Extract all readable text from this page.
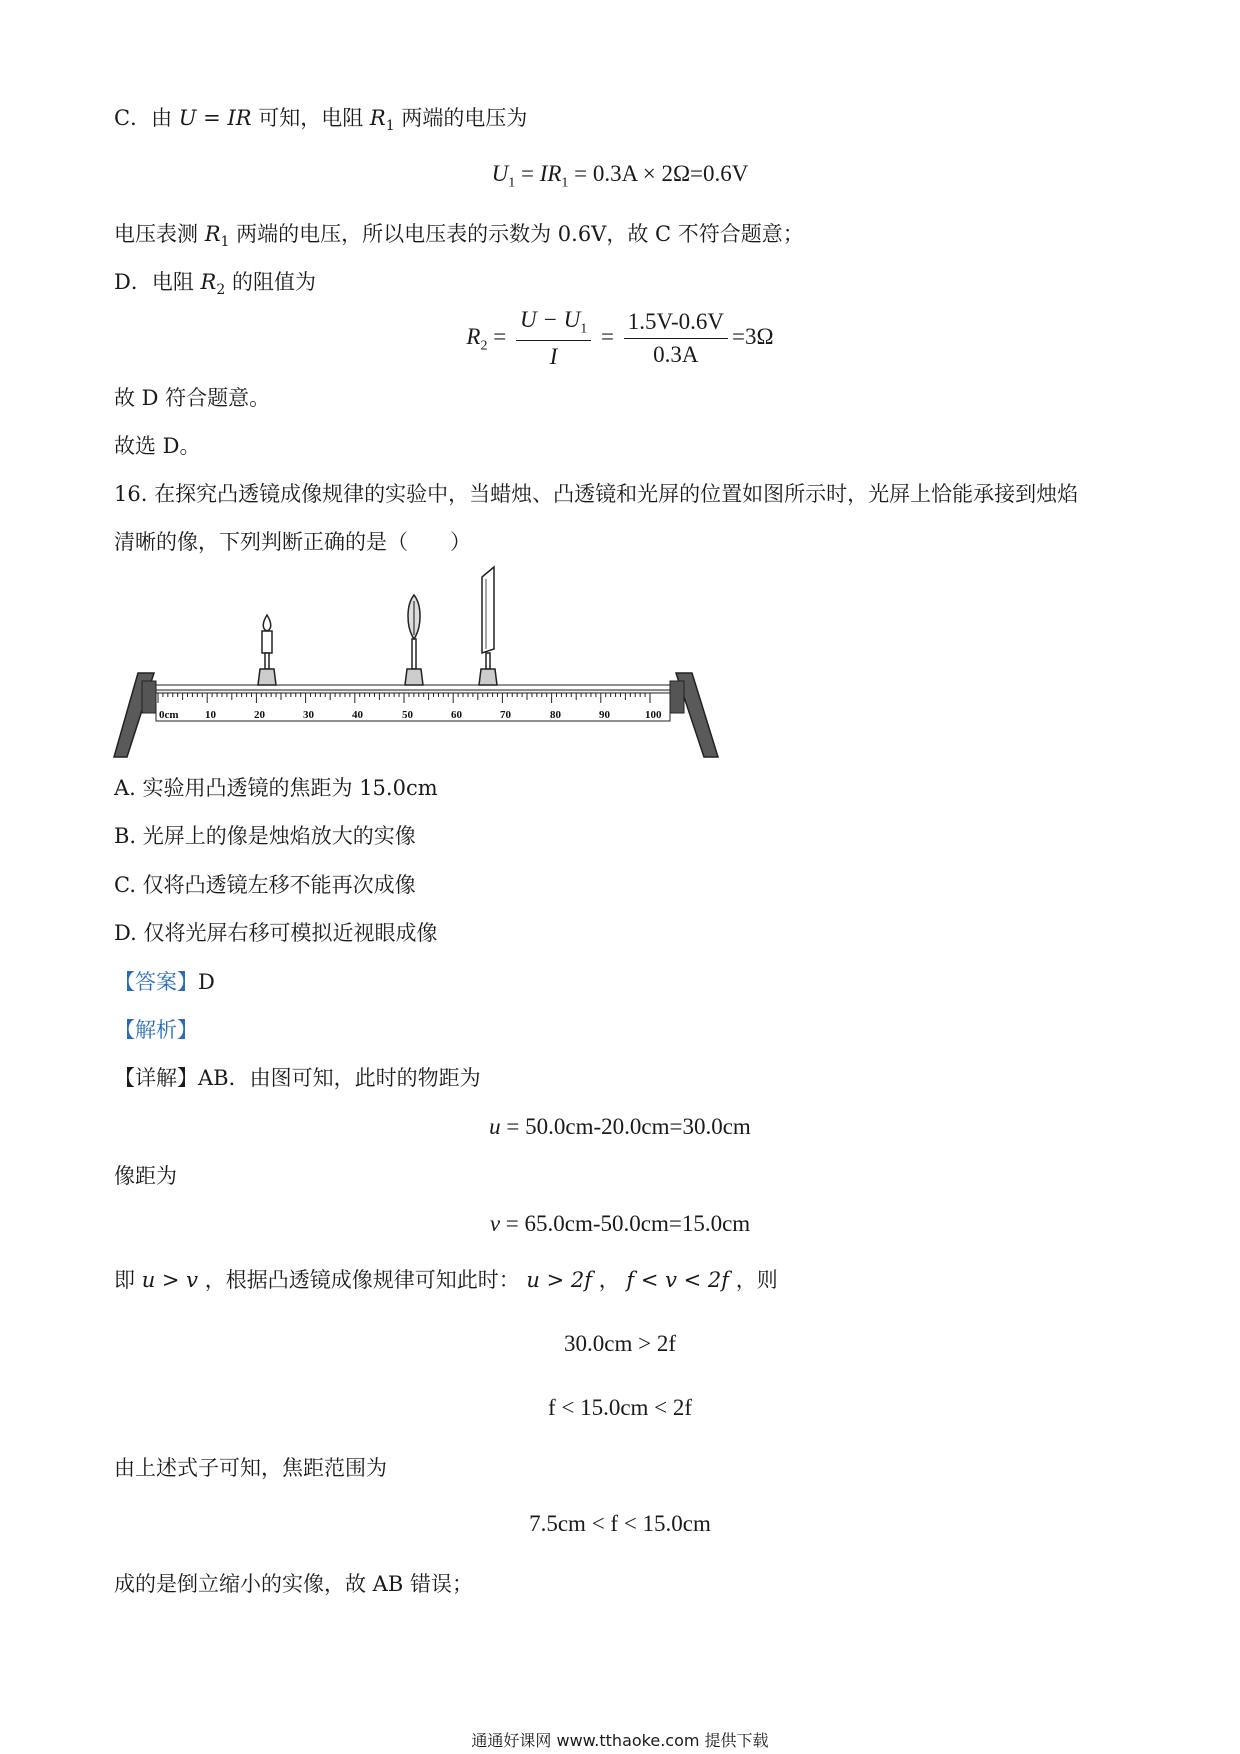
C．由 U = IR 可知，电阻 $R_1$ 两端的电压为
$U_1 = IR_1 = 0.3A \times 2\Omega=0.6V$
电压表测 $R_1$ 两端的电压，所以电压表的示数为 0.6V，故 C 不符合题意；
D．电阻 $R_2$ 的阻值为
$R_2 = \frac{U - U_1}{I} = \frac{1.5V-0.6V}{0.3A} =3\Omega$
故 D 符合题意。
故选 D。
16. 在探究凸透镜成像规律的实验中，当蜡烛、凸透镜和光屏的位置如图所示时，光屏上恰能承接到烛焰
清晰的像，下列判断正确的是（　　）
0cm 10	20	30	40	50	60	70	80	90	100
A. 实验用凸透镜的焦距为 15.0cm
B. 光屏上的像是烛焰放大的实像
C. 仅将凸透镜左移不能再次成像
D. 仅将光屏右移可模拟近视眼成像
【答案】D
【解析】
【详解】AB．由图可知，此时的物距为
u = 50.0cm-20.0cm=30.0cm
像距为
v = 65.0cm-50.0cm=15.0cm
即 u > v ，根据凸透镜成像规律可知此时： u > 2f ， f < v < 2f ，则
30.0cm > 2f
f < 15.0cm < 2f
由上述式子可知，焦距范围为
7.5cm < f < 15.0cm
成的是倒立缩小的实像，故 AB 错误；
通通好课网 www.tthaoke.com 提供下载
